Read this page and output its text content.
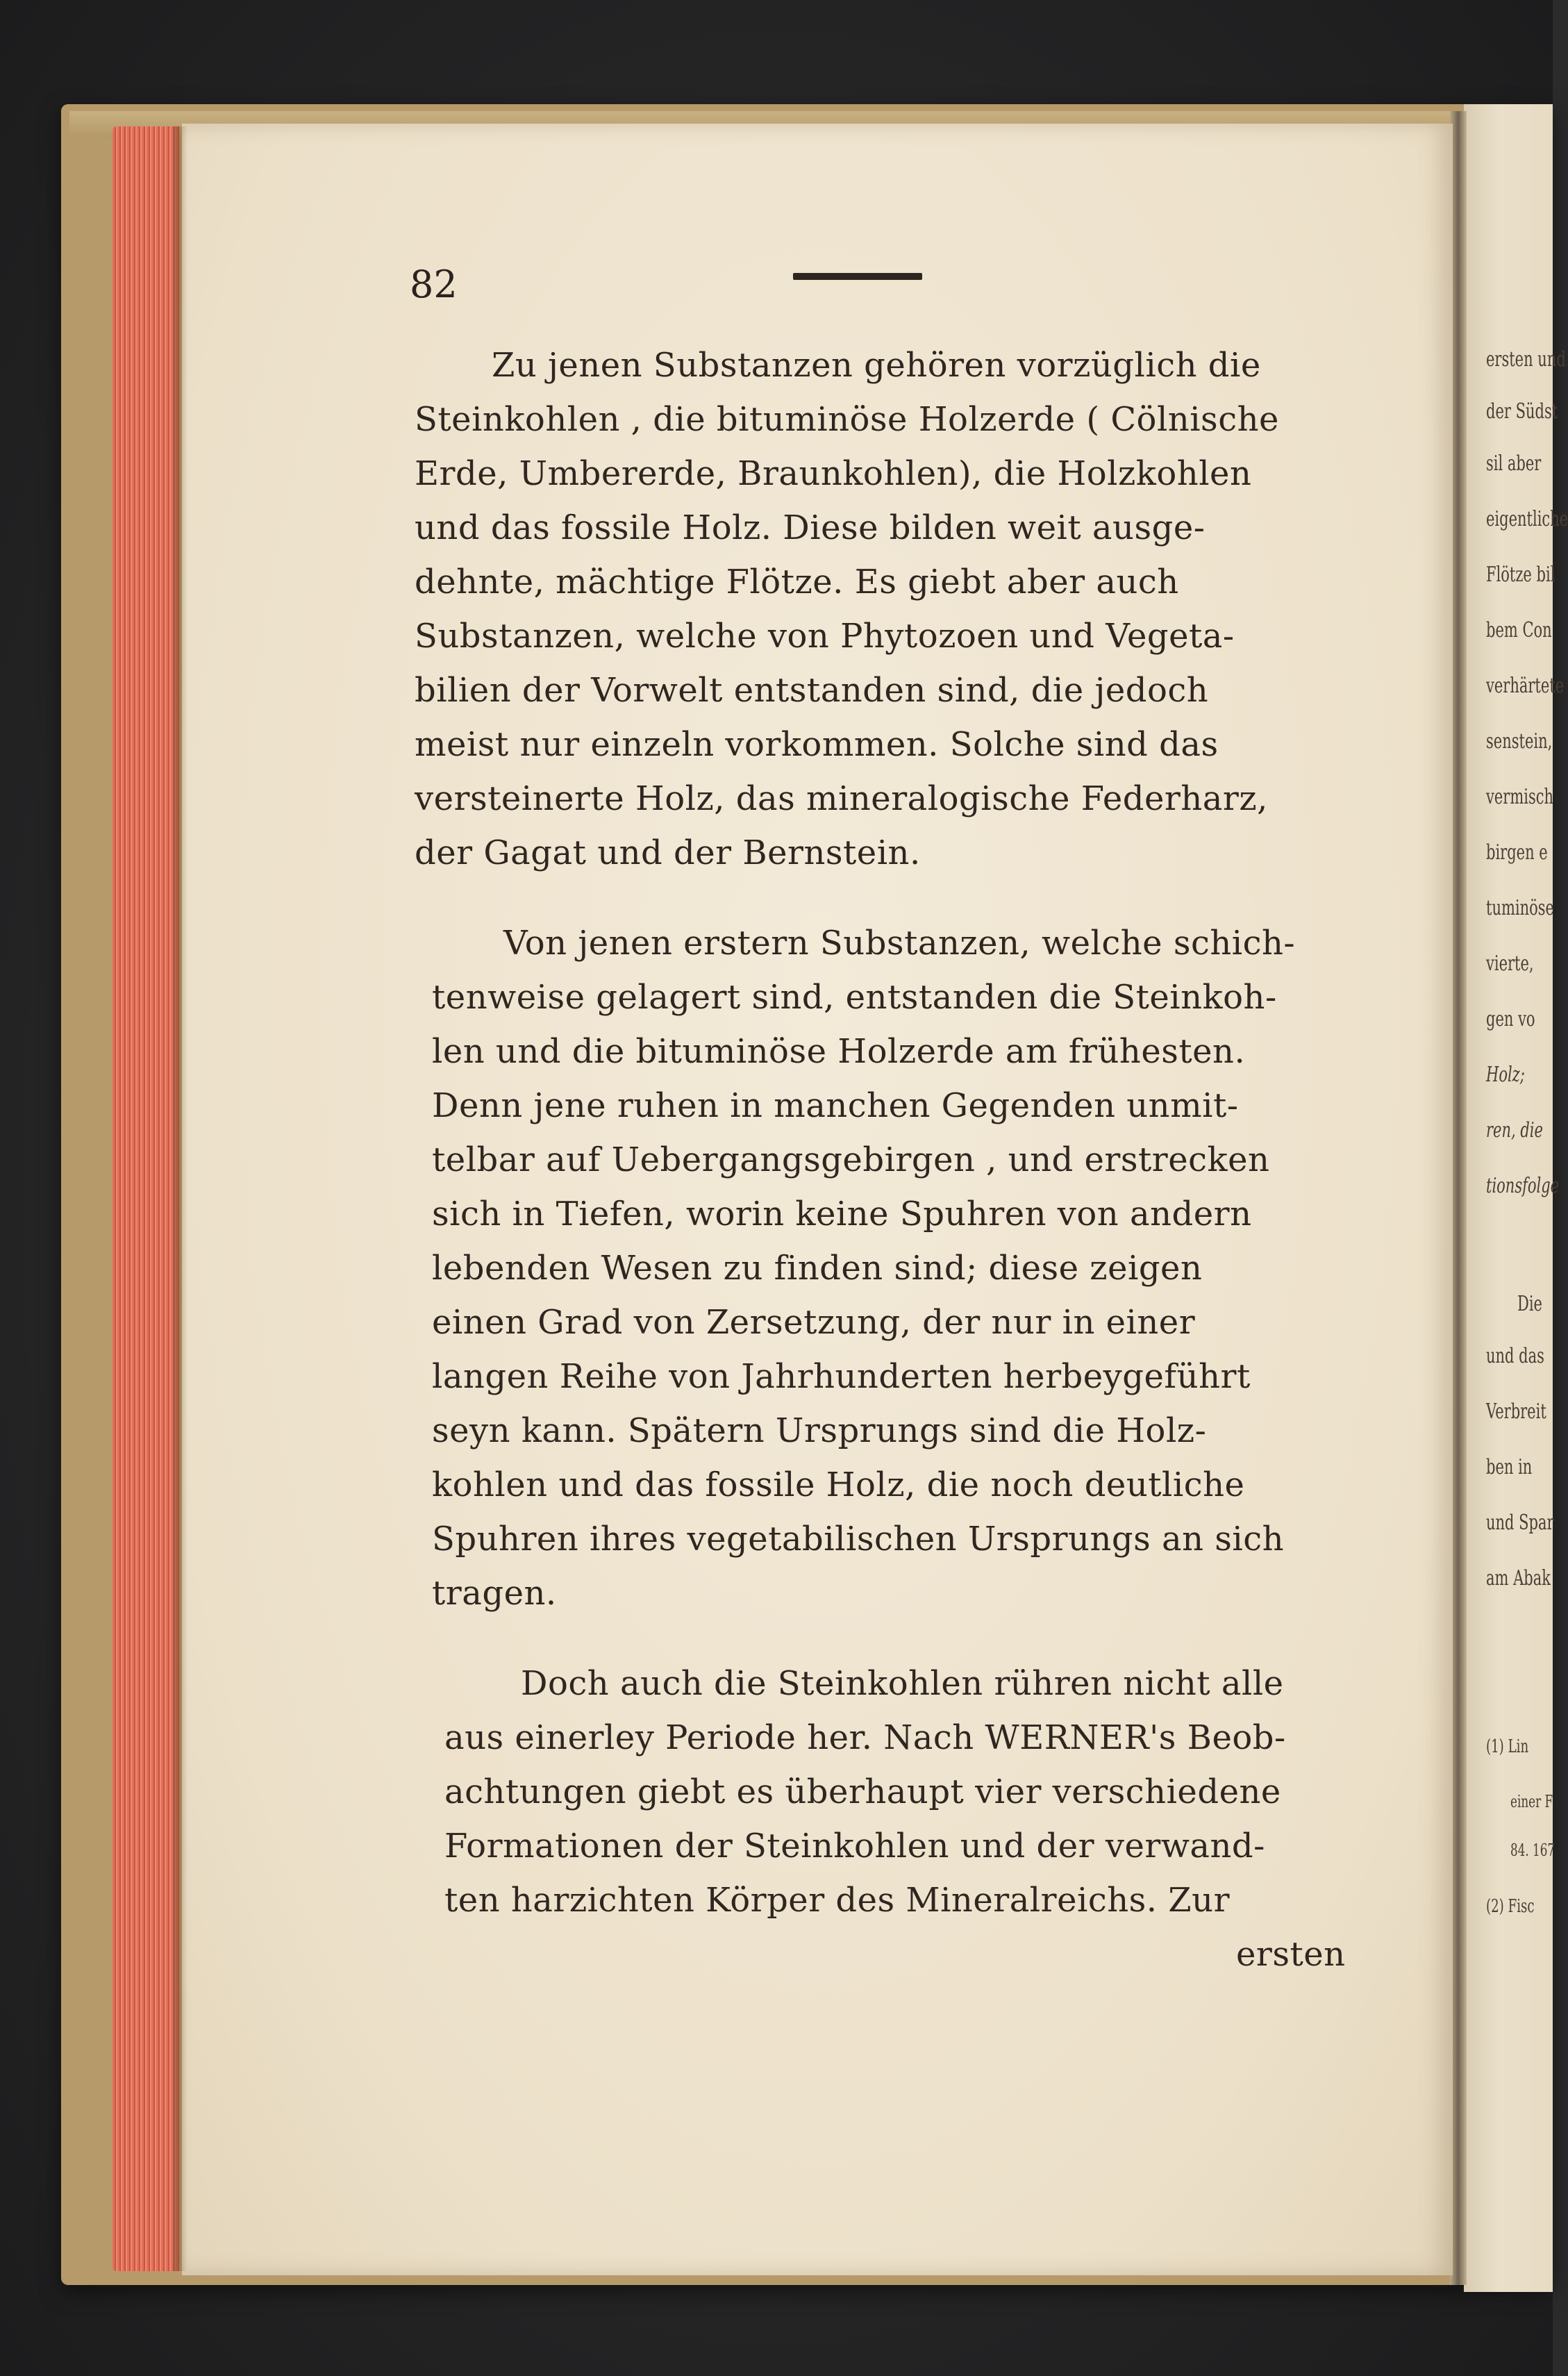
82
Zu jenen Substanzen gehören vorzüglich die
Steinkohlen , die bituminöse Holzerde ( Cölnische
Erde, Umbererde, Braunkohlen), die Holzkohlen
und das fossile Holz. Diese bilden weit ausge-
dehnte, mächtige Flötze. Es giebt aber auch
Substanzen, welche von Phytozoen und Vegeta-
bilien der Vorwelt entstanden sind, die jedoch
meist nur einzeln vorkommen. Solche sind das
versteinerte Holz, das mineralogische Federharz,
der Gagat und der Bernstein.
Von jenen erstern Substanzen, welche schich-
tenweise gelagert sind, entstanden die Steinkoh-
len und die bituminöse Holzerde am frühesten.
Denn jene ruhen in manchen Gegenden unmit-
telbar auf Uebergangsgebirgen , und erstrecken
sich in Tiefen, worin keine Spuhren von andern
lebenden Wesen zu finden sind; diese zeigen
einen Grad von Zersetzung, der nur in einer
langen Reihe von Jahrhunderten herbeygeführt
seyn kann. Spätern Ursprungs sind die Holz-
kohlen und das fossile Holz, die noch deutliche
Spuhren ihres vegetabilischen Ursprungs an sich
tragen.
Doch auch die Steinkohlen rühren nicht alle
aus einerley Periode her. Nach WERNER's Beob-
achtungen giebt es überhaupt vier verschiedene
Formationen der Steinkohlen und der verwand-
ten harzichten Körper des Mineralreichs. Zur
ersten
ersten und
der Südst
sil aber
eigentliche
Flötze bil
bem Con
verhärtete
senstein,
vermisch
birgen e
tuminöse
vierte,
gen vo
Holz;
ren, die
tionsfolge
Die
und das
Verbreit
ben in
und Spar
am Abak
(1) Lin
einer F
84. 167
(2) Fisc
